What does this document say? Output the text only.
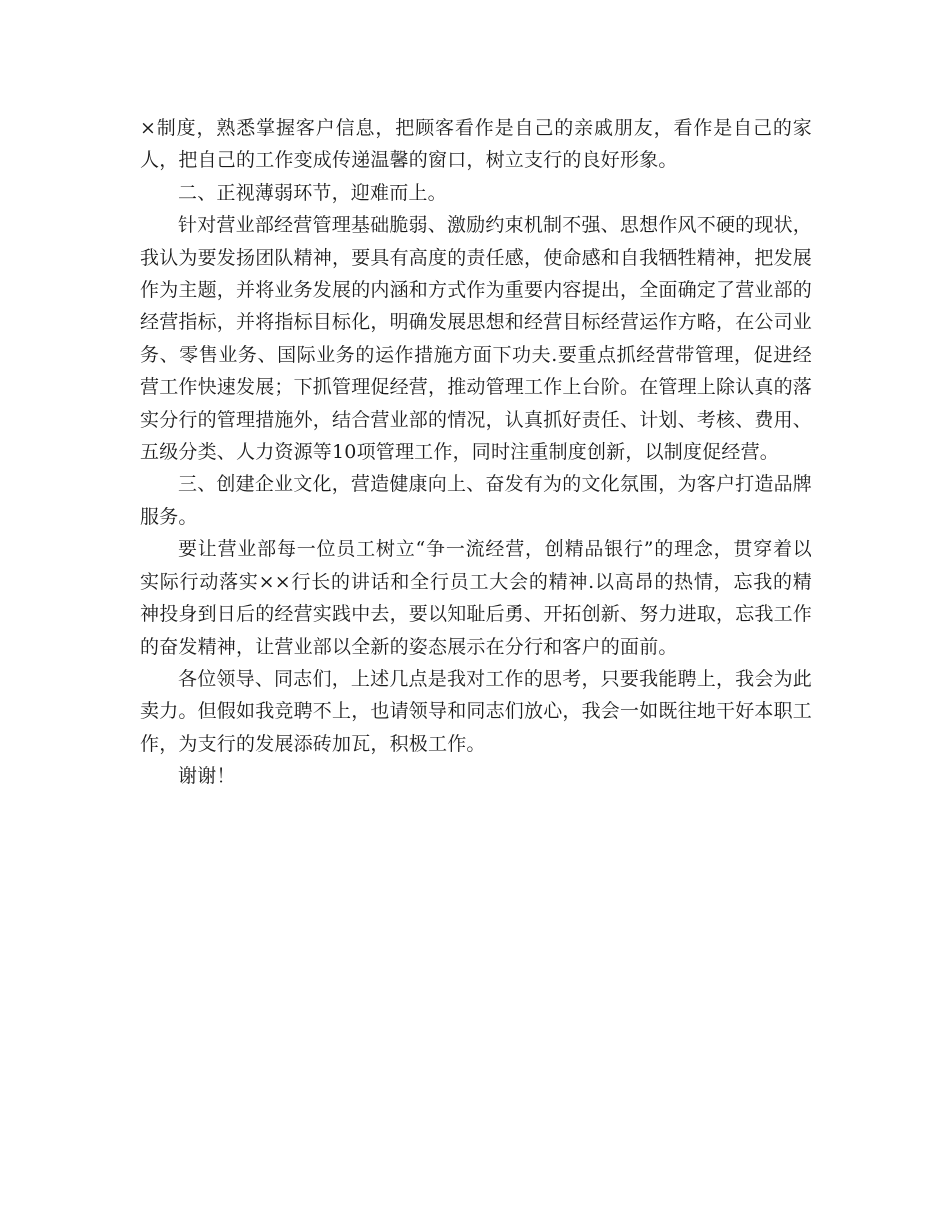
×制度，熟悉掌握客户信息，把顾客看作是自己的亲戚朋友，看作是自己的家人，把自己的工作变成传递温馨的窗口，树立支行的良好形象。

二、正视薄弱环节，迎难而上。

针对营业部经营管理基础脆弱、激励约束机制不强、思想作风不硬的现状，我认为要发扬团队精神，要具有高度的责任感，使命感和自我牺牲精神，把发展作为主题，并将业务发展的内涵和方式作为重要内容提出，全面确定了营业部的经营指标，并将指标目标化，明确发展思想和经营目标经营运作方略，在公司业务、零售业务、国际业务的运作措施方面下功夫.要重点抓经营带管理，促进经营工作快速发展；下抓管理促经营，推动管理工作上台阶。在管理上除认真的落实分行的管理措施外，结合营业部的情况，认真抓好责任、计划、考核、费用、五级分类、人力资源等10项管理工作，同时注重制度创新，以制度促经营。

三、创建企业文化，营造健康向上、奋发有为的文化氛围，为客户打造品牌服务。

要让营业部每一位员工树立“争一流经营，创精品银行”的理念，贯穿着以实际行动落实××行长的讲话和全行员工大会的精神.以高昂的热情，忘我的精神投身到日后的经营实践中去，要以知耻后勇、开拓创新、努力进取，忘我工作的奋发精神，让营业部以全新的姿态展示在分行和客户的面前。

各位领导、同志们，上述几点是我对工作的思考，只要我能聘上，我会为此卖力。但假如我竞聘不上，也请领导和同志们放心，我会一如既往地干好本职工作，为支行的发展添砖加瓦，积极工作。

谢谢！
